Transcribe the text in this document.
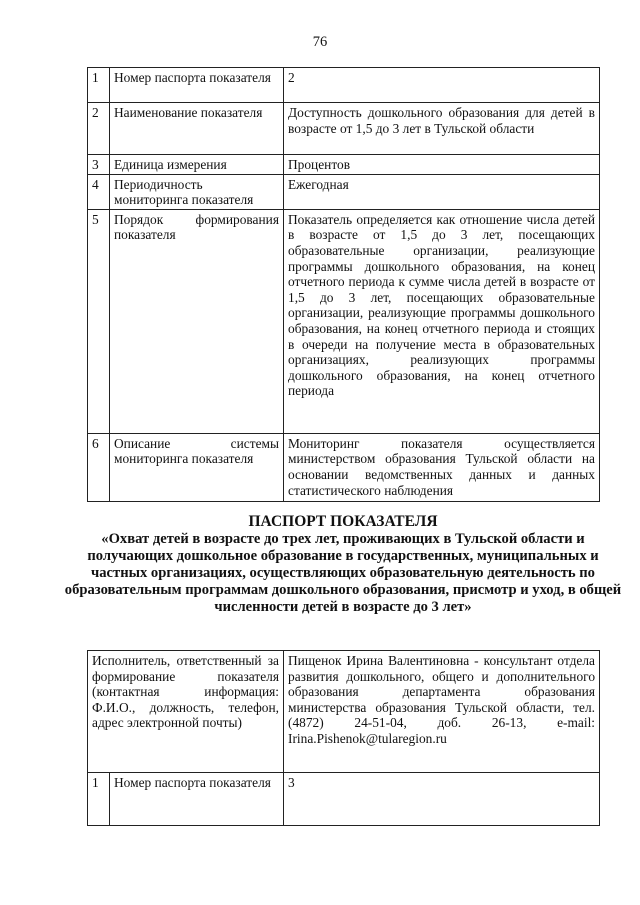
76
1	Номер паспорта показателя	2
2	Наименование показателя	Доступность дошкольного образования для детей в возрасте от 1,5 до 3 лет в Тульской области
3	Единица измерения	Процентов
4	Периодичность мониторинга показателя	Ежегодная
5	Порядок формирования показателя	Показатель определяется как отношение числа детей в возрасте от 1,5 до 3 лет, посещающих образовательные организации, реализующие программы дошкольного образования, на конец отчетного периода к сумме числа детей в возрасте от 1,5 до 3 лет, посещающих образовательные организации, реализующие программы дошкольного образования, на конец отчетного периода и стоящих в очереди на получение места в образовательных организациях, реализующих программы дошкольного образования, на конец отчетного периода
6	Описание системы мониторинга показателя	Мониторинг показателя осуществляется министерством образования Тульской области на основании ведомственных данных и данных статистического наблюдения
ПАСПОРТ ПОКАЗАТЕЛЯ
«Охват детей в возрасте до трех лет, проживающих в Тульской области и получающих дошкольное образование в государственных, муниципальных и частных организациях, осуществляющих образовательную деятельность по образовательным программам дошкольного образования, присмотр и уход, в общей численности детей в возрасте до 3 лет»
Исполнитель, ответственный за формирование показателя (контактная информация: Ф.И.О., должность, телефон, адрес электронной почты)		Пищенок Ирина Валентиновна - консультант отдела развития дошкольного, общего и дополнительного образования департамента образования министерства образования Тульской области, тел. (4872) 24-51-04, доб. 26-13, e-mail: Irina.Pishenok@tularegion.ru
1	Номер паспорта показателя	3
